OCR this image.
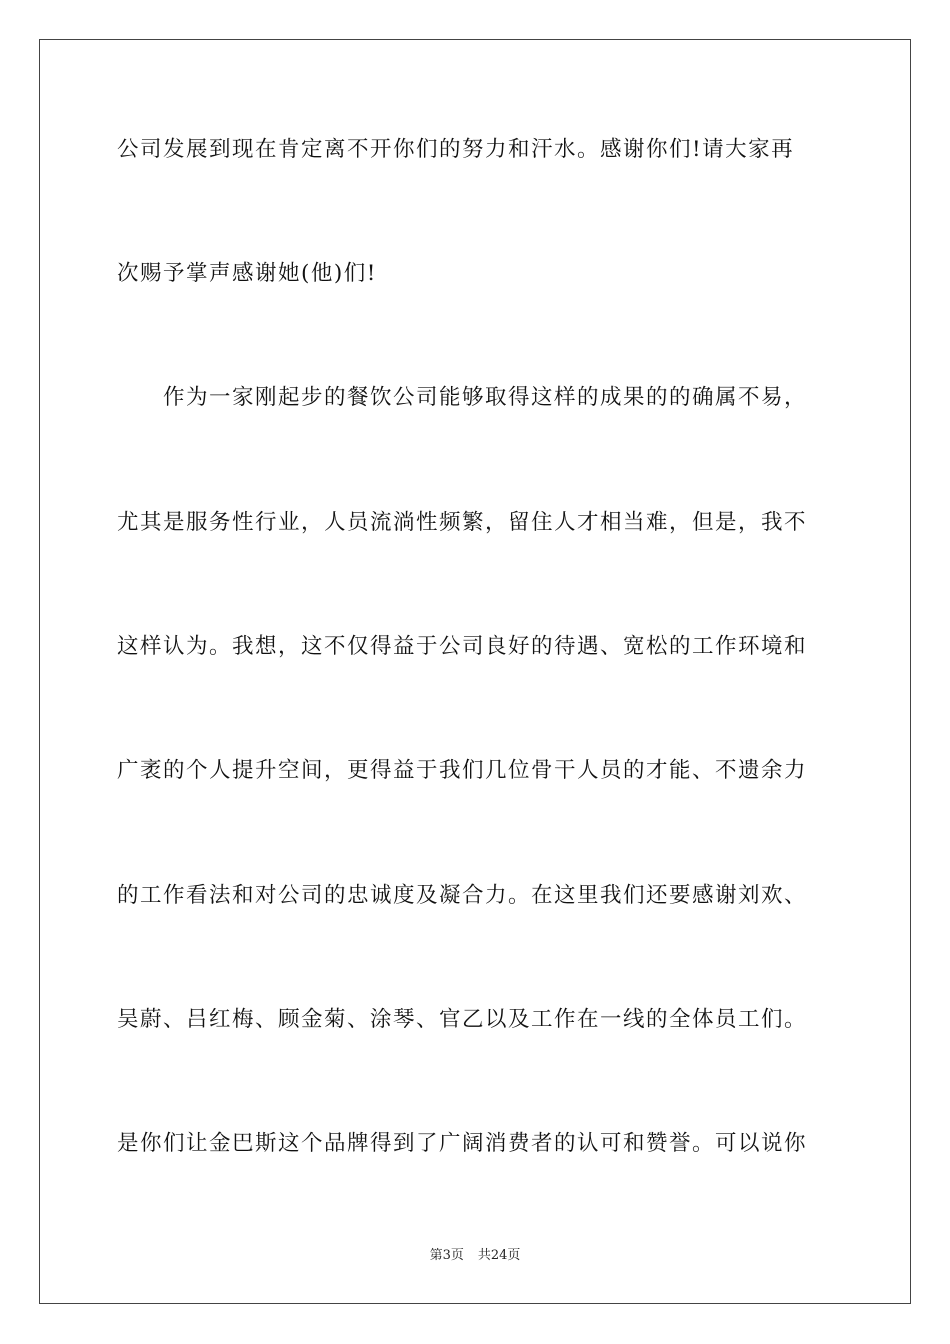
公司发展到现在肯定离不开你们的努力和汗水。感谢你们!请大家再
次赐予掌声感谢她(他)们!
作为一家刚起步的餐饮公司能够取得这样的成果的的确属不易，
尤其是服务性行业，人员流淌性频繁，留住人才相当难，但是，我不
这样认为。我想，这不仅得益于公司良好的待遇、宽松的工作环境和
广袤的个人提升空间，更得益于我们几位骨干人员的才能、不遗余力
的工作看法和对公司的忠诚度及凝合力。在这里我们还要感谢刘欢、
吴蔚、吕红梅、顾金菊、涂琴、官乙以及工作在一线的全体员工们。
是你们让金巴斯这个品牌得到了广阔消费者的认可和赞誉。可以说你
第3页 共24页
